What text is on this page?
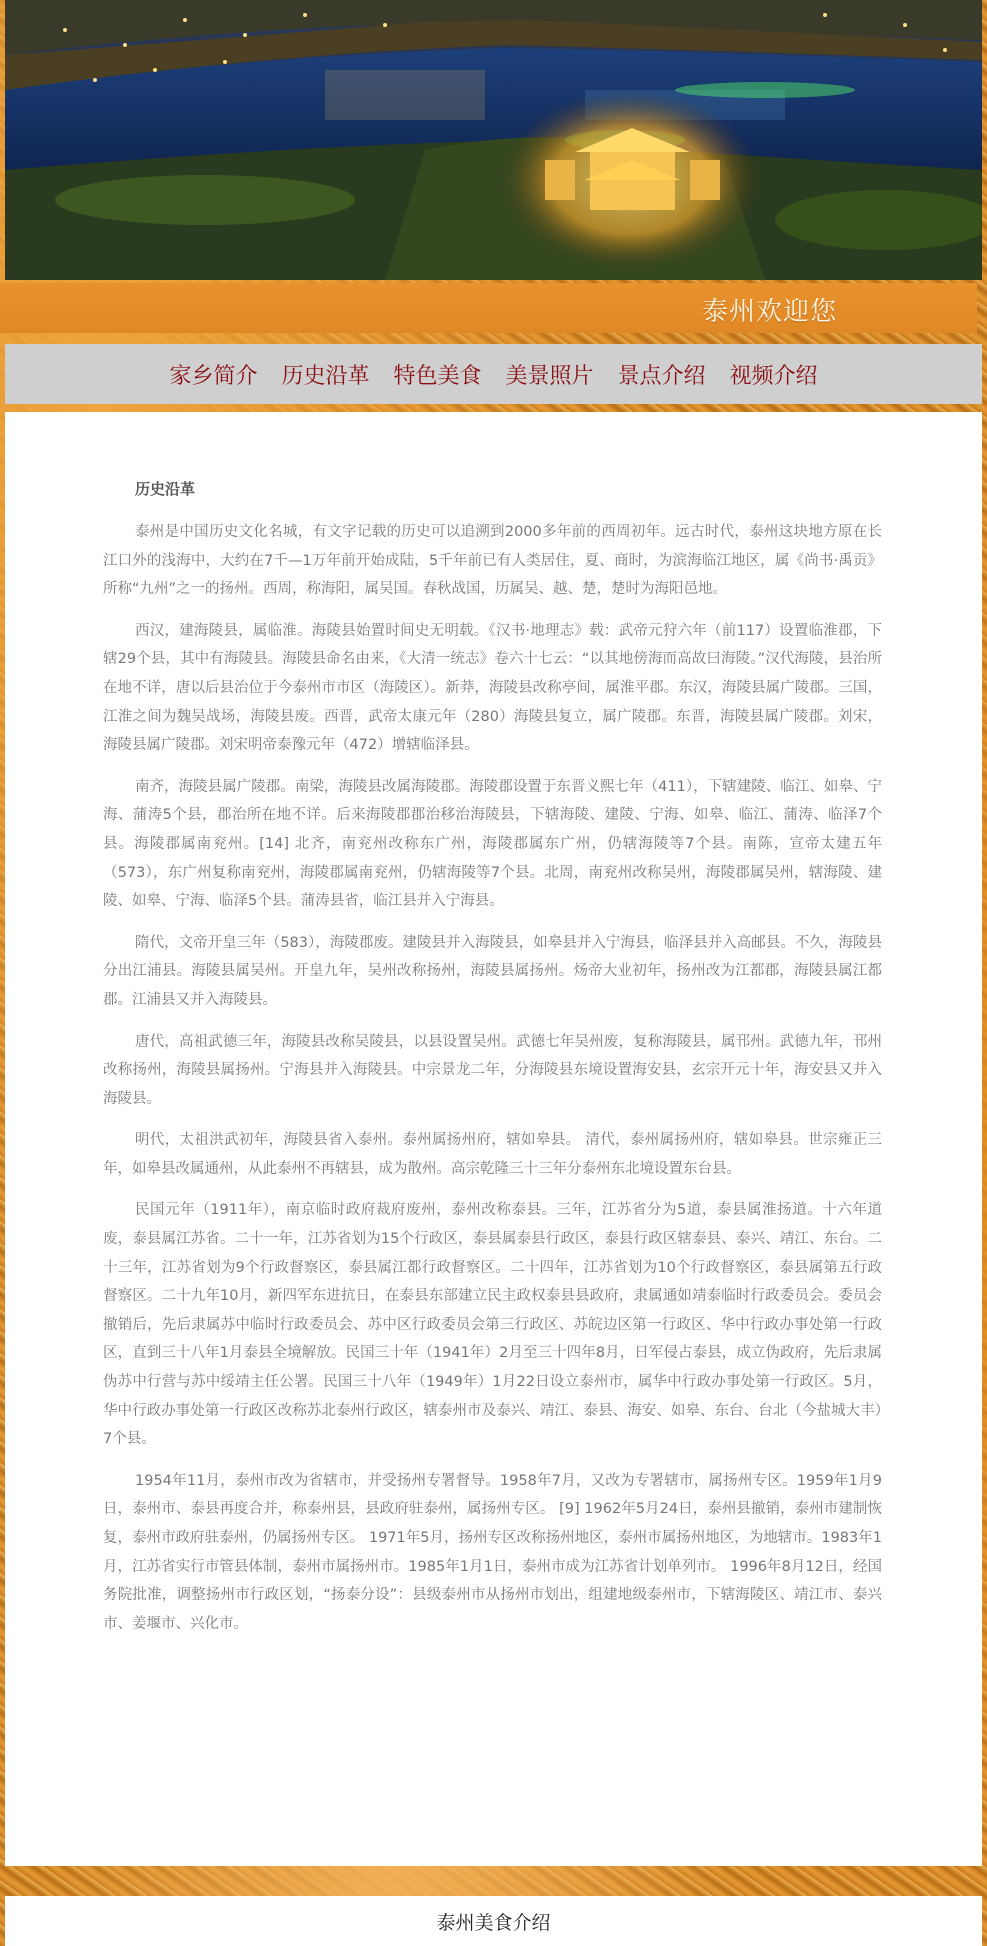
泰州欢迎您
家乡简介 历史沿革 特色美食 美景照片 景点介绍 视频介绍
历史沿革

泰州是中国历史文化名城，有文字记载的历史可以追溯到2000多年前的西周初年。远古时代，泰州这块地方原在长江口外的浅海中，大约在7千—1万年前开始成陆，5千年前已有人类居住，夏、商时，为滨海临江地区，属《尚书·禹贡》所称“九州”之一的扬州。西周，称海阳，属吴国。春秋战国，历属吴、越、楚，楚时为海阳邑地。

西汉，建海陵县，属临淮。海陵县始置时间史无明载。《汉书·地理志》载：武帝元狩六年（前117）设置临淮郡，下辖29个县，其中有海陵县。海陵县命名由来，《大清一统志》卷六十七云：“以其地傍海而高故曰海陵。”汉代海陵，县治所在地不详，唐以后县治位于今泰州市市区（海陵区）。新莽，海陵县改称亭间，属淮平郡。东汉，海陵县属广陵郡。三国，江淮之间为魏吴战场，海陵县废。西晋，武帝太康元年（280）海陵县复立，属广陵郡。东晋，海陵县属广陵郡。刘宋，海陵县属广陵郡。刘宋明帝泰豫元年（472）增辖临泽县。

南齐，海陵县属广陵郡。南梁，海陵县改属海陵郡。海陵郡设置于东晋义熙七年（411），下辖建陵、临江、如皋、宁海、蒲涛5个县，郡治所在地不详。后来海陵郡郡治移治海陵县，下辖海陵、建陵、宁海、如皋、临江、蒲涛、临泽7个县。海陵郡属南兖州。[14] 北齐，南兖州改称东广州，海陵郡属东广州，仍辖海陵等7个县。南陈，宣帝太建五年（573），东广州复称南兖州，海陵郡属南兖州，仍辖海陵等7个县。北周，南兖州改称吴州，海陵郡属吴州，辖海陵、建陵、如皋、宁海、临泽5个县。蒲涛县省，临江县并入宁海县。

隋代，文帝开皇三年（583），海陵郡废。建陵县并入海陵县，如皋县并入宁海县，临泽县并入高邮县。不久，海陵县分出江浦县。海陵县属吴州。开皇九年，吴州改称扬州，海陵县属扬州。炀帝大业初年，扬州改为江都郡，海陵县属江都郡。江浦县又并入海陵县。

唐代，高祖武德三年，海陵县改称吴陵县，以县设置吴州。武德七年吴州废，复称海陵县，属邗州。武德九年，邗州改称扬州，海陵县属扬州。宁海县并入海陵县。中宗景龙二年，分海陵县东境设置海安县，玄宗开元十年，海安县又并入海陵县。

明代，太祖洪武初年，海陵县省入泰州。泰州属扬州府，辖如皋县。 清代，泰州属扬州府，辖如皋县。世宗雍正三年，如皋县改属通州，从此泰州不再辖县，成为散州。高宗乾隆三十三年分泰州东北境设置东台县。

民国元年（1911年），南京临时政府裁府废州，泰州改称泰县。三年，江苏省分为5道，泰县属淮扬道。十六年道废，泰县属江苏省。二十一年，江苏省划为15个行政区，泰县属泰县行政区，泰县行政区辖泰县、泰兴、靖江、东台。二十三年，江苏省划为9个行政督察区，泰县属江都行政督察区。二十四年，江苏省划为10个行政督察区，泰县属第五行政督察区。二十九年10月，新四军东进抗日，在泰县东部建立民主政权泰县县政府，隶属通如靖泰临时行政委员会。委员会撤销后，先后隶属苏中临时行政委员会、苏中区行政委员会第三行政区、苏皖边区第一行政区、华中行政办事处第一行政区，直到三十八年1月泰县全境解放。民国三十年（1941年）2月至三十四年8月，日军侵占泰县，成立伪政府，先后隶属伪苏中行营与苏中绥靖主任公署。民国三十八年（1949年）1月22日设立泰州市，属华中行政办事处第一行政区。5月，华中行政办事处第一行政区改称苏北泰州行政区，辖泰州市及泰兴、靖江、泰县、海安、如皋、东台、台北（今盐城大丰）7个县。

1954年11月，泰州市改为省辖市，并受扬州专署督导。1958年7月，又改为专署辖市，属扬州专区。1959年1月9日，泰州市、泰县再度合并，称泰州县，县政府驻泰州，属扬州专区。 [9] 1962年5月24日，泰州县撤销，泰州市建制恢复，泰州市政府驻泰州，仍属扬州专区。 1971年5月，扬州专区改称扬州地区，泰州市属扬州地区，为地辖市。1983年1月，江苏省实行市管县体制，泰州市属扬州市。1985年1月1日，泰州市成为江苏省计划单列市。 1996年8月12日，经国务院批准，调整扬州市行政区划，“扬泰分设”：县级泰州市从扬州市划出，组建地级泰州市，下辖海陵区、靖江市、泰兴市、姜堰市、兴化市。

泰州美食介绍
